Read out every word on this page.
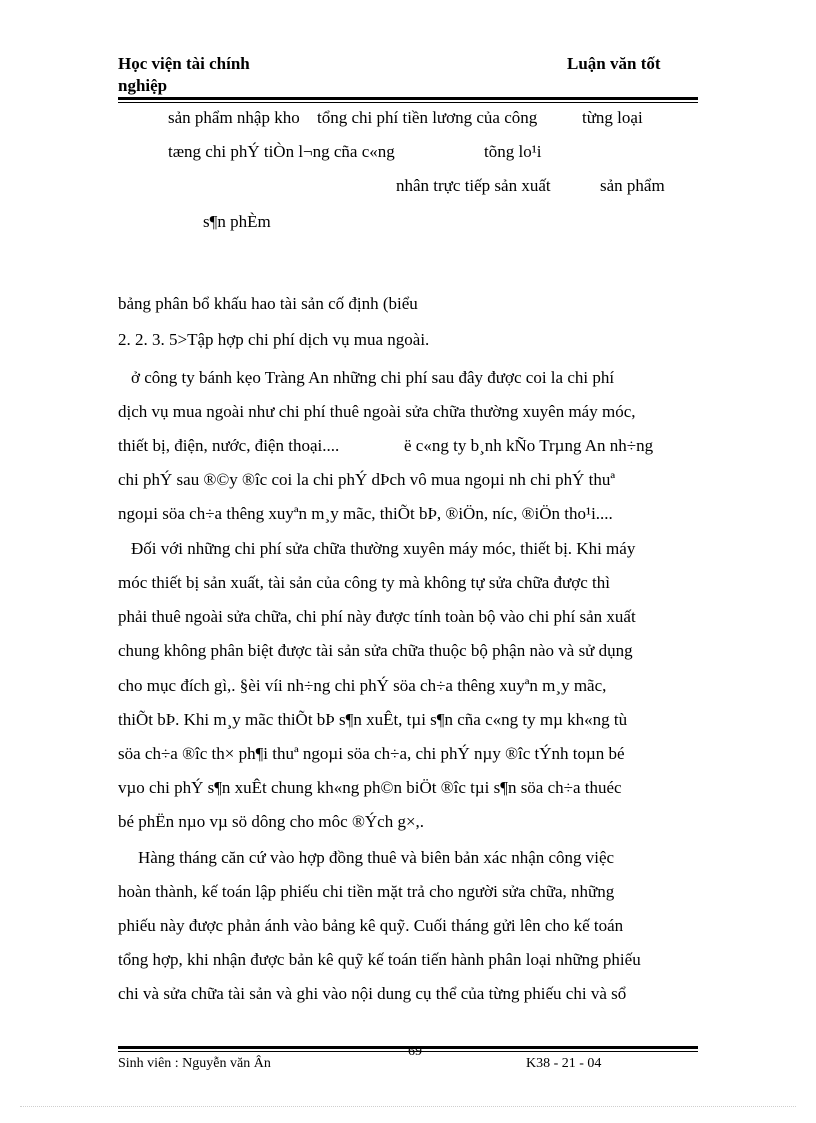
Học viện tài chính
nghiệp
Luận văn tốt
sản phẩm nhập kho tổng chi phí tiền lương của công	từng loại
tæng chi phÝ tiÒn l¬ng cña c«ng	tõng lo¹i
nhân trực tiếp sản xuất	sản phẩm
s¶n phÈm
bảng phân bổ khấu hao tài sản cố định (biểu
2. 2. 3. 5>Tập hợp chi phí dịch vụ mua ngoài.
ở công ty bánh kẹo Tràng An những chi phí sau đây được coi la chi phí
dịch vụ mua ngoài như chi phí thuê ngoài sửa chữa thường xuyên máy móc,
thiết bị, điện, nước, điện thoại....	ë c«ng ty b¸nh kÑo Trµng An nh÷ng
chi phÝ sau ®©y ®îc coi la chi phÝ dÞch vô mua ngoµi nh chi phÝ thuª
ngoµi söa ch÷a thêng xuyªn m¸y mãc, thiÕt bÞ, ®iÖn, níc, ®iÖn tho¹i....
Đối với những chi phí sửa chữa thường xuyên máy móc, thiết bị. Khi máy
móc thiết bị sản xuất, tài sản của công ty mà không tự sửa chữa được thì
phải thuê ngoài sửa chữa, chi phí này được tính toàn bộ vào chi phí sản xuất
chung không phân biệt được tài sản sửa chữa thuộc bộ phận nào và sử dụng
cho mục đích gì,. §èi víi nh÷ng chi phÝ söa ch÷a thêng xuyªn m¸y mãc,
thiÕt bÞ. Khi m¸y mãc thiÕt bÞ s¶n xuÊt, tµi s¶n cña c«ng ty mµ kh«ng tù
söa ch÷a ®îc th× ph¶i thuª ngoµi söa ch÷a, chi phÝ nµy ®îc tÝnh toµn bé
vµo chi phÝ s¶n xuÊt chung kh«ng ph©n biÖt ®îc tµi s¶n söa ch÷a thuéc
bé phËn nµo vµ sö dông cho môc ®Ých g×,.
Hàng tháng căn cứ vào hợp đồng thuê và biên bản xác nhận công việc
hoàn thành, kế toán lập phiếu chi tiền mặt trả cho người sửa chữa, những
phiếu này được phản ánh vào bảng kê quỹ. Cuối tháng gửi lên cho kế toán
tổng hợp, khi nhận được bản kê quỹ kế toán tiến hành phân loại những phiếu
chi và sửa chữa tài sản và ghi vào nội dung cụ thể của từng phiếu chi và sổ
69
Sinh viên : Nguyễn văn Ân	K38 - 21 - 04
